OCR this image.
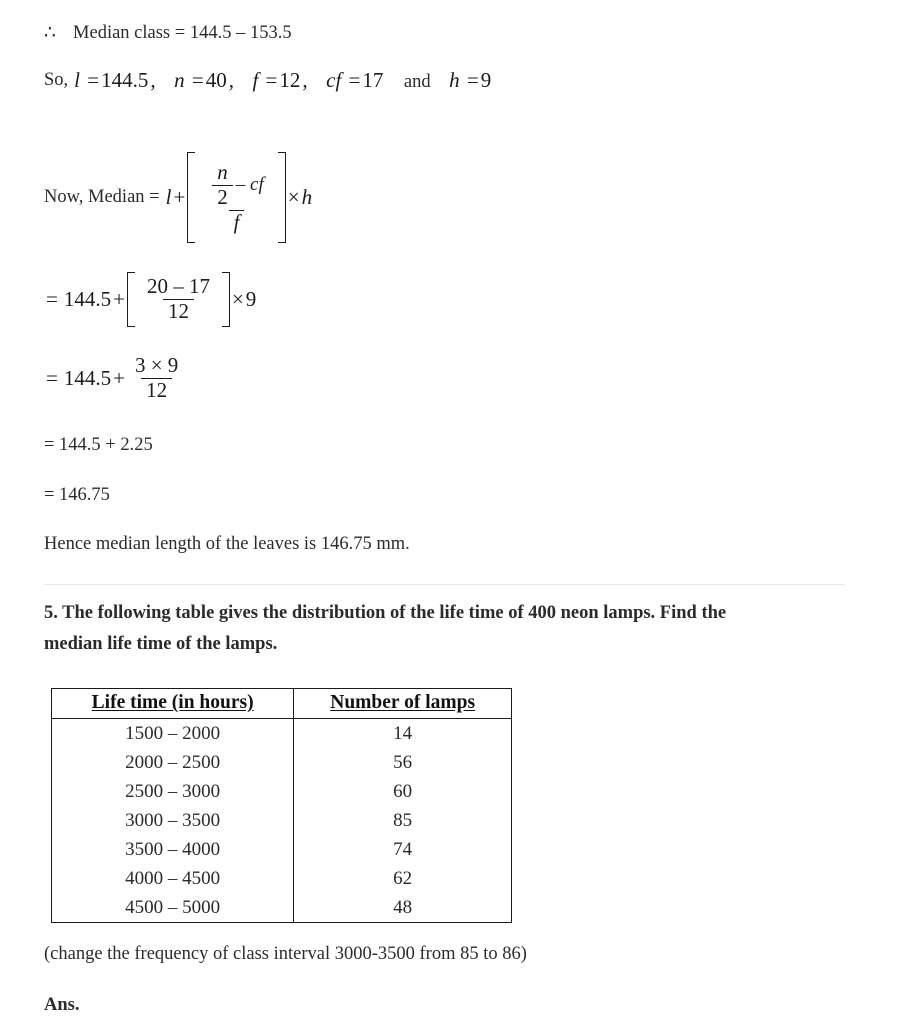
∴ Median class = 144.5 – 153.5
So, l =144.5, n =40, f =12, cf =17 and h =9
Now, Median = $l + \frac{\frac{n}{2} - cf}{f} \times h$
= $144.5 + \frac{20 - 17}{12} \times 9$
= $144.5 + \frac{3 \times 9}{12}$
= 144.5 + 2.25
= 146.75
Hence median length of the leaves is 146.75 mm.
5. The following table gives the distribution of the life time of 400 neon lamps. Find the
median life time of the lamps.
Life time (in hours)	Number of lamps
1500 – 2000	14
2000 – 2500	56
2500 – 3000	60
3000 – 3500	85
3500 – 4000	74
4000 – 4500	62
4500 – 5000	48
(change the frequency of class interval 3000-3500 from 85 to 86)
Ans.
